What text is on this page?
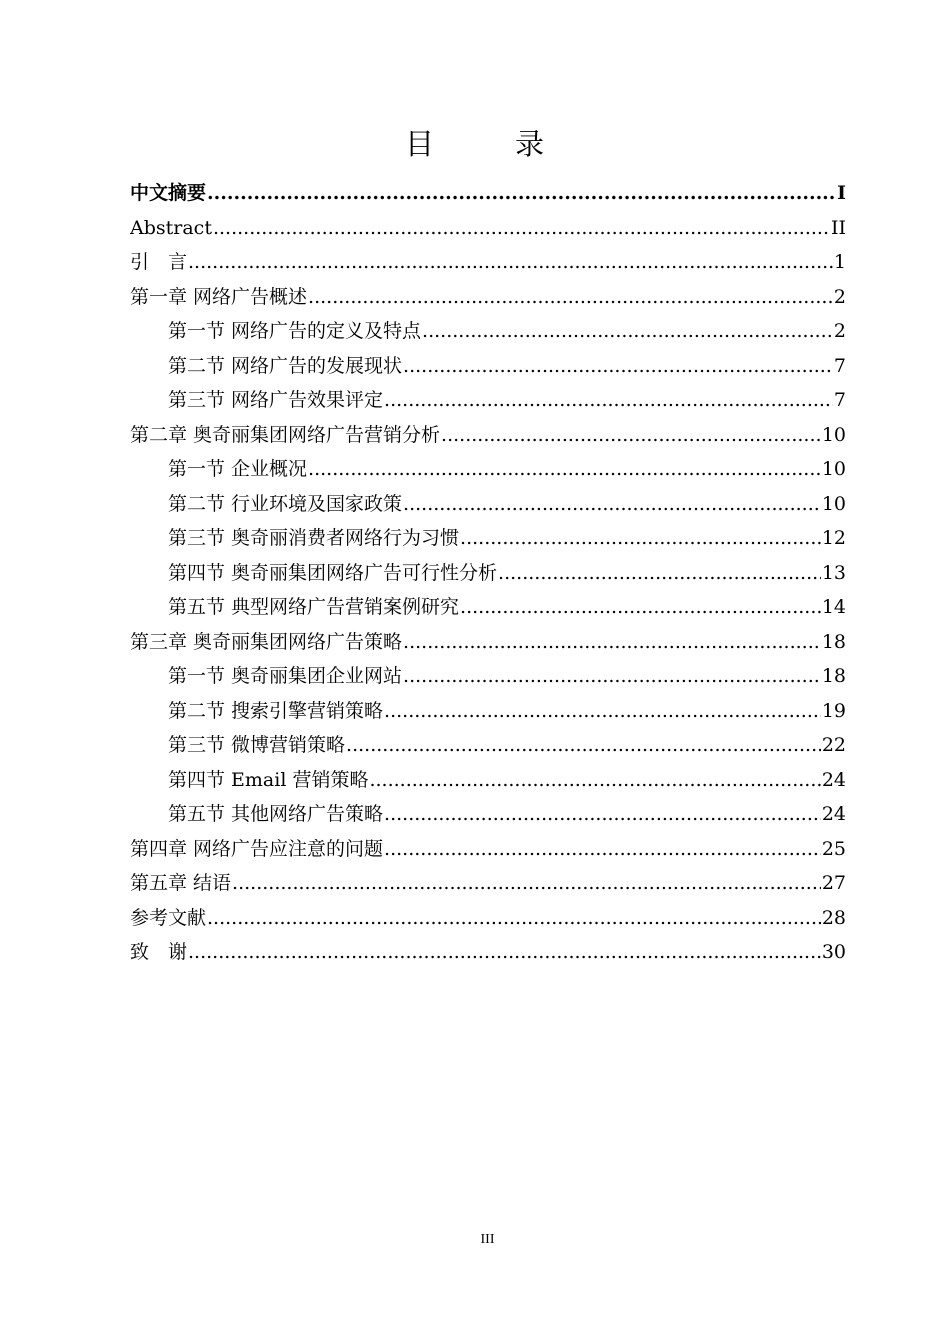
目　录
中文摘要 .....	I
Abstract .....	II
引　言 .....	1
第一章 网络广告概述 .....	2
第一节 网络广告的定义及特点 .....	2
第二节 网络广告的发展现状 .....	7
第三节 网络广告效果评定 .....	7
第二章 奥奇丽集团网络广告营销分析 .....	10
第一节 企业概况 .....	10
第二节 行业环境及国家政策 .....	10
第三节 奥奇丽消费者网络行为习惯 .....	12
第四节 奥奇丽集团网络广告可行性分析 .....	13
第五节 典型网络广告营销案例研究 .....	14
第三章 奥奇丽集团网络广告策略 .....	18
第一节 奥奇丽集团企业网站 .....	18
第二节 搜索引擎营销策略 .....	19
第三节 微博营销策略 .....	22
第四节 Email 营销策略 .....	24
第五节 其他网络广告策略 .....	24
第四章 网络广告应注意的问题 .....	25
第五章 结语 .....	27
参考文献 .....	28
致　谢 .....	30
III
